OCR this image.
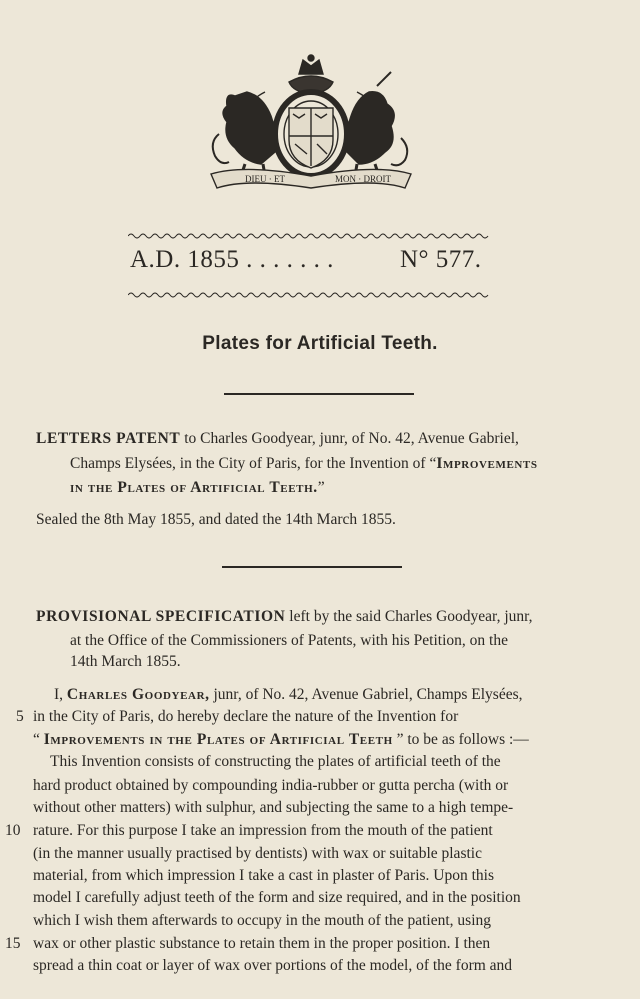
DIEU · ET	MON · DROIT
A.D. 1855 . . . . . . .	N° 577.
Plates for Artificial Teeth.
LETTERS PATENT to Charles Goodyear, junr, of No. 42, Avenue Gabriel,
Champs Elysées, in the City of Paris, for the Invention of “Improvements
in the Plates of Artificial Teeth.”
Sealed the 8th May 1855, and dated the 14th March 1855.
PROVISIONAL SPECIFICATION left by the said Charles Goodyear, junr,
at the Office of the Commissioners of Patents, with his Petition, on the
14th March 1855.
I, Charles Goodyear, junr, of No. 42, Avenue Gabriel, Champs Elysées,
in the City of Paris, do hereby declare the nature of the Invention for
“ Improvements in the Plates of Artificial Teeth ” to be as follows :—
This Invention consists of constructing the plates of artificial teeth of the
hard product obtained by compounding india-rubber or gutta percha (with or
without other matters) with sulphur, and subjecting the same to a high tempe-
rature. For this purpose I take an impression from the mouth of the patient
(in the manner usually practised by dentists) with wax or suitable plastic
material, from which impression I take a cast in plaster of Paris. Upon this
model I carefully adjust teeth of the form and size required, and in the position
which I wish them afterwards to occupy in the mouth of the patient, using
wax or other plastic substance to retain them in the proper position. I then
spread a thin coat or layer of wax over portions of the model, of the form and
5
10
15
